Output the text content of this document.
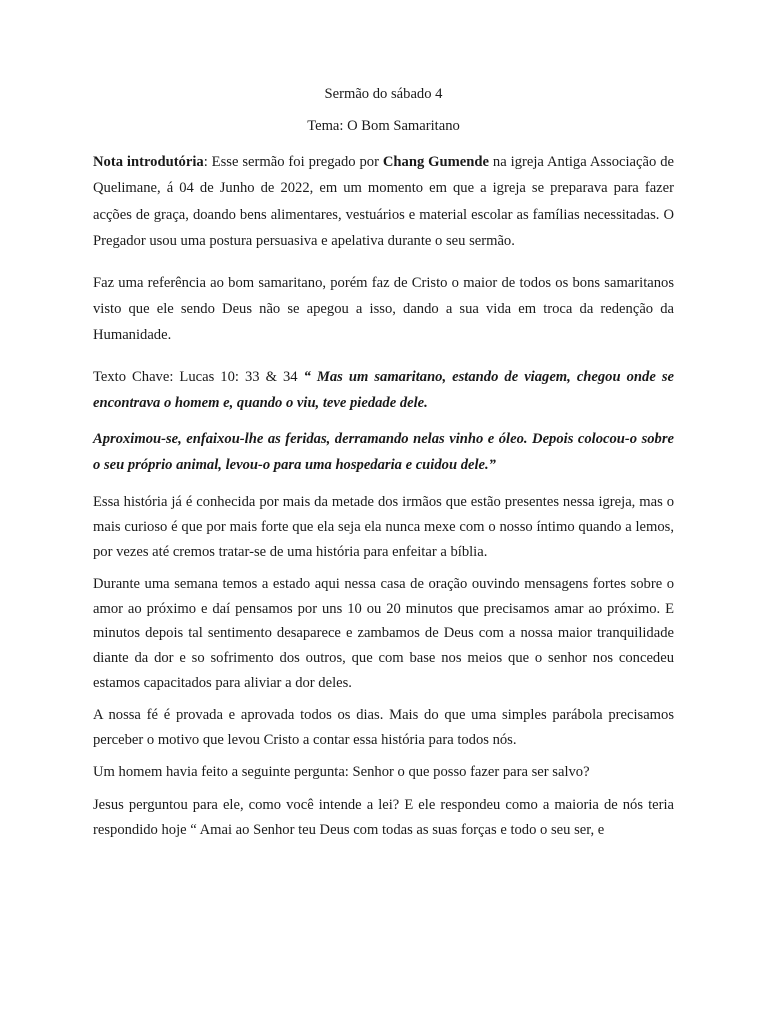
Sermão do sábado 4
Tema: O Bom Samaritano

Nota introdutória: Esse sermão foi pregado por Chang Gumende na igreja Antiga Associação de Quelimane, á 04 de Junho de 2022, em um momento em que a igreja se preparava para fazer acções de graça, doando bens alimentares, vestuários e material escolar as famílias necessitadas. O Pregador usou uma postura persuasiva e apelativa durante o seu sermão.

Faz uma referência ao bom samaritano, porém faz de Cristo o maior de todos os bons samaritanos visto que ele sendo Deus não se apegou a isso, dando a sua vida em troca da redenção da Humanidade.

Texto Chave: Lucas 10: 33 & 34 “ Mas um samaritano, estando de viagem, chegou onde se encontrava o homem e, quando o viu, teve piedade dele.

Aproximou-se, enfaixou-lhe as feridas, derramando nelas vinho e óleo. Depois colocou-o sobre o seu próprio animal, levou-o para uma hospedaria e cuidou dele.”

Essa história já é conhecida por mais da metade dos irmãos que estão presentes nessa igreja, mas o mais curioso é que por mais forte que ela seja ela nunca mexe com o nosso íntimo quando a lemos, por vezes até cremos tratar-se de uma história para enfeitar a bíblia.

Durante uma semana temos a estado aqui nessa casa de oração ouvindo mensagens fortes sobre o amor ao próximo e daí pensamos por uns 10 ou 20 minutos que precisamos amar ao próximo. E minutos depois tal sentimento desaparece e zambamos de Deus com a nossa maior tranquilidade diante da dor e so sofrimento dos outros, que com base nos meios que o senhor nos concedeu estamos capacitados para aliviar a dor deles.

A nossa fé é provada e aprovada todos os dias. Mais do que uma simples parábola precisamos perceber o motivo que levou Cristo a contar essa história para todos nós.

Um homem havia feito a seguinte pergunta: Senhor o que posso fazer para ser salvo?

Jesus perguntou para ele, como você intende a lei? E ele respondeu como a maioria de nós teria respondido hoje “ Amai ao Senhor teu Deus com todas as suas forças e todo o seu ser, e
